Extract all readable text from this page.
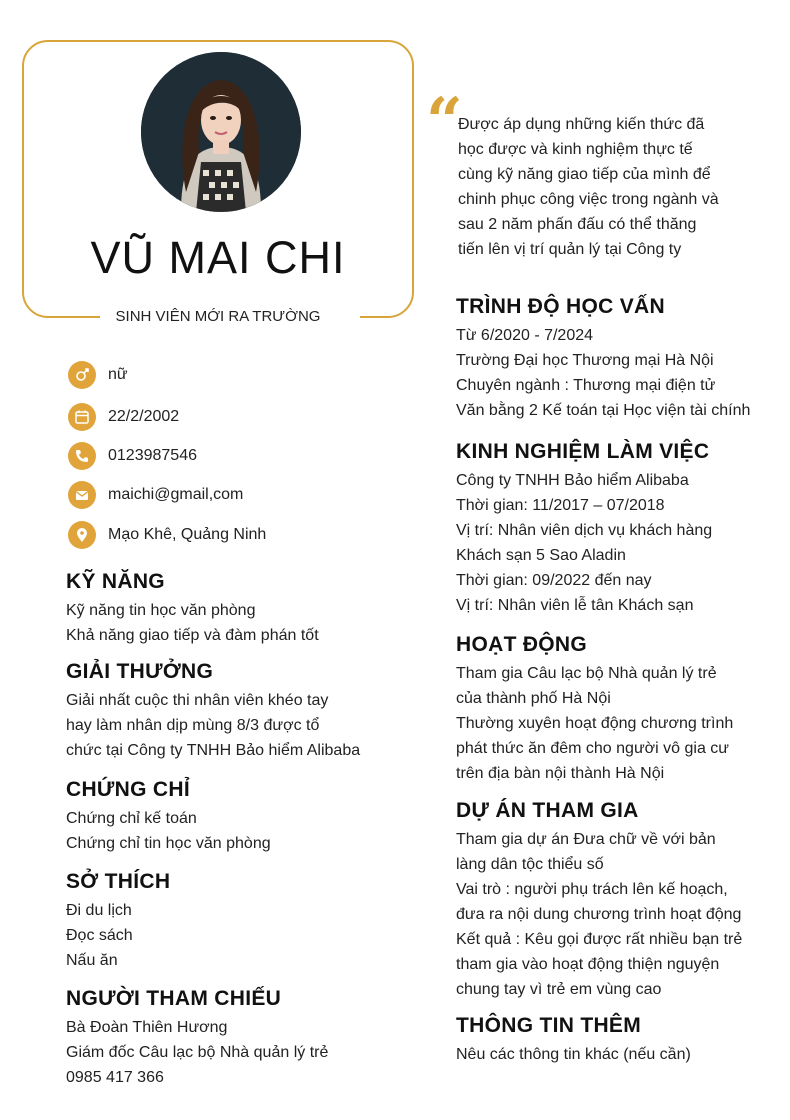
VŨ MAI CHI
SINH VIÊN MỚI RA TRƯỜNG
“
Được áp dụng những kiến thức đã
học được và kinh nghiệm thực tế
cùng kỹ năng giao tiếp của mình để
chinh phục công việc trong ngành và
sau 2 năm phấn đấu có thể thăng
tiến lên vị trí quản lý tại Công ty
nữ
22/2/2002
0123987546
maichi@gmail,com
Mạo Khê, Quảng Ninh
KỸ NĂNG
Kỹ năng tin học văn phòng
Khả năng giao tiếp và đàm phán tốt
GIẢI THƯỞNG
Giải nhất cuộc thi nhân viên khéo tay
hay làm nhân dịp mùng 8/3 được tổ
chức tại Công ty TNHH Bảo hiểm Alibaba
CHỨNG CHỈ
Chứng chỉ kế toán
Chứng chỉ tin học văn phòng
SỞ THÍCH
Đi du lịch
Đọc sách
Nấu ăn
NGƯỜI THAM CHIẾU
Bà Đoàn Thiên Hương
Giám đốc Câu lạc bộ Nhà quản lý trẻ
0985 417 366
TRÌNH ĐỘ HỌC VẤN
Từ 6/2020 - 7/2024
Trường Đại học Thương mại Hà Nội
Chuyên ngành : Thương mại điện tử
Văn bằng 2 Kế toán tại Học viện tài chính
KINH NGHIỆM LÀM VIỆC
Công ty TNHH Bảo hiểm Alibaba
Thời gian: 11/2017 – 07/2018
Vị trí: Nhân viên dịch vụ khách hàng
Khách sạn 5 Sao Aladin
Thời gian: 09/2022 đến nay
Vị trí: Nhân viên lễ tân Khách sạn
HOẠT ĐỘNG
Tham gia Câu lạc bộ Nhà quản lý trẻ
của thành phố Hà Nội
Thường xuyên hoạt động chương trình
phát thức ăn đêm cho người vô gia cư
trên địa bàn nội thành Hà Nội
DỰ ÁN THAM GIA
Tham gia dự án Đưa chữ về với bản
làng dân tộc thiểu số
Vai trò : người phụ trách lên kế hoạch,
đưa ra nội dung chương trình hoạt động
Kết quả : Kêu gọi được rất nhiều bạn trẻ
tham gia vào hoạt động thiện nguyện
chung tay vì trẻ em vùng cao
THÔNG TIN THÊM
Nêu các thông tin khác (nếu cần)
